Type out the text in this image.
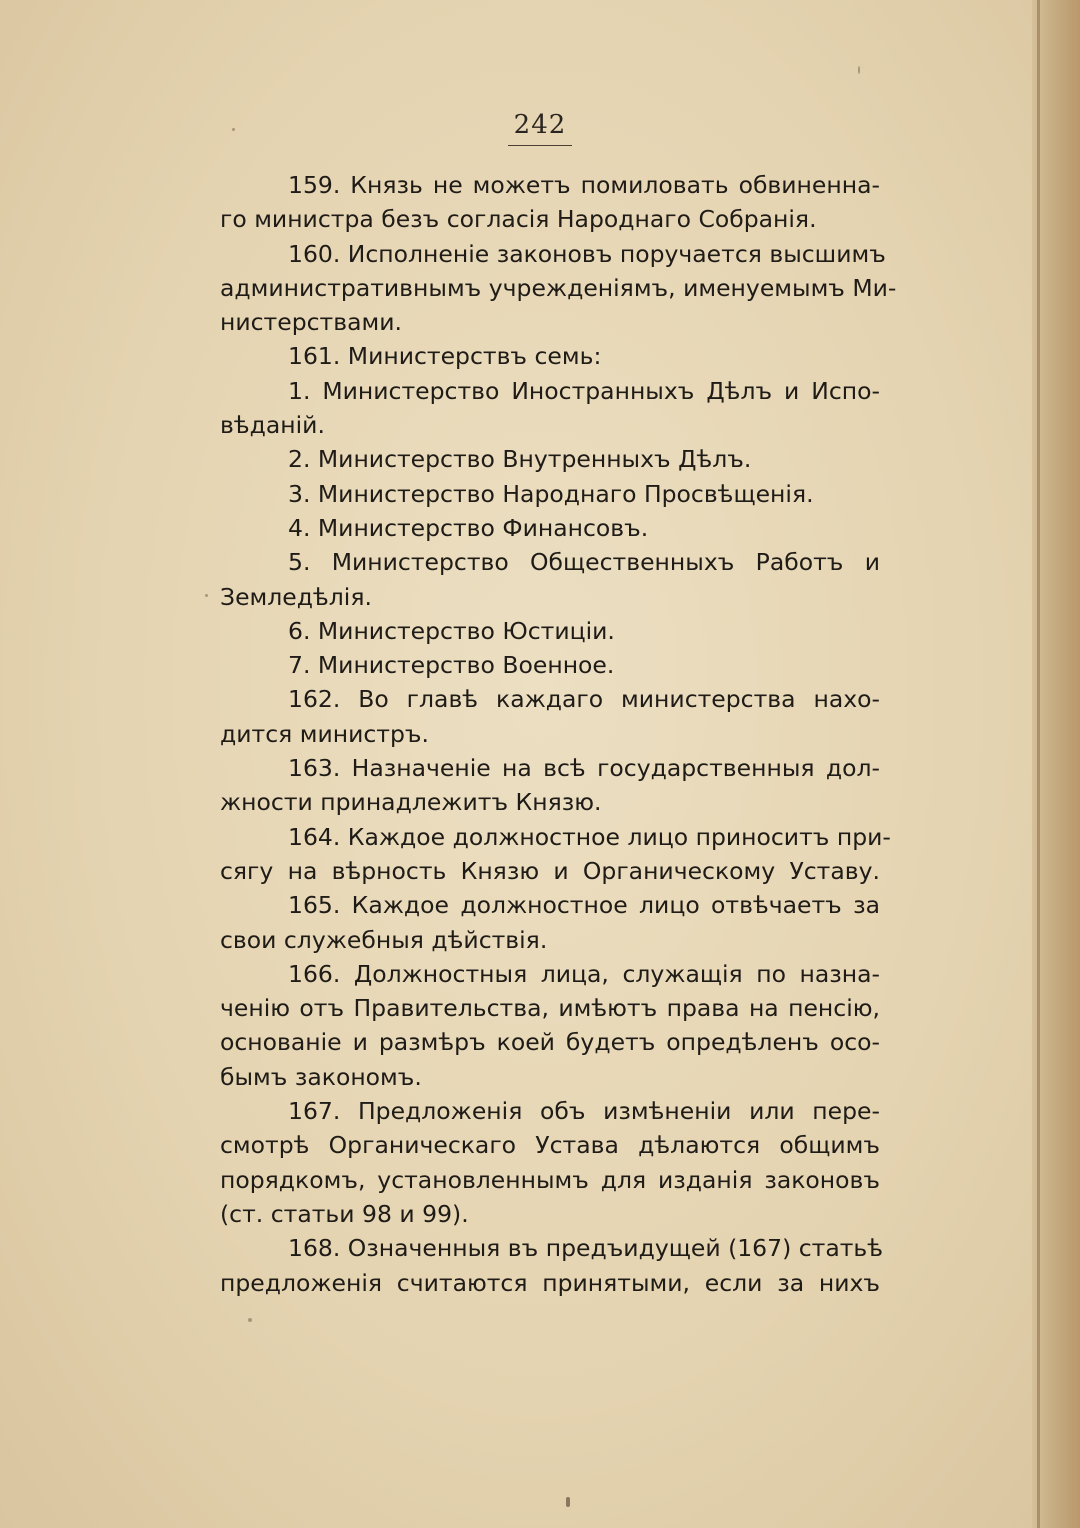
242
159. Князь не можетъ помиловать обвиненна-
го министра безъ согласія Народнаго Собранія.
160. Исполненіе законовъ поручается высшимъ
административнымъ учрежденіямъ, именуемымъ Ми-
нистерствами.
161. Министерствъ семь:
1. Министерство Иностранныхъ Дѣлъ и Испо-
вѣданій.
2. Министерство Внутренныхъ Дѣлъ.
3. Министерство Народнаго Просвѣщенія.
4. Министерство Финансовъ.
5. Министерство Общественныхъ Работъ и
Земледѣлія.
6. Министерство Юстиціи.
7. Министерство Военное.
162. Во главѣ каждаго министерства нахо-
дится министръ.
163. Назначеніе на всѣ государственныя дол-
жности принадлежитъ Князю.
164. Каждое должностное лицо приноситъ при-
сягу на вѣрность Князю и Органическому Уставу.
165. Каждое должностное лицо отвѣчаетъ за
свои служебныя дѣйствія.
166. Должностныя лица, служащія по назна-
ченію отъ Правительства, имѣютъ права на пенсію,
основаніе и размѣръ коей будетъ опредѣленъ осо-
бымъ закономъ.
167. Предложенія объ измѣненіи или пере-
смотрѣ Органическаго Устава дѣлаются общимъ
порядкомъ, установленнымъ для изданія законовъ
(ст. статьи 98 и 99).
168. Означенныя въ предъидущей (167) статьѣ
предложенія считаются принятыми, если за нихъ
